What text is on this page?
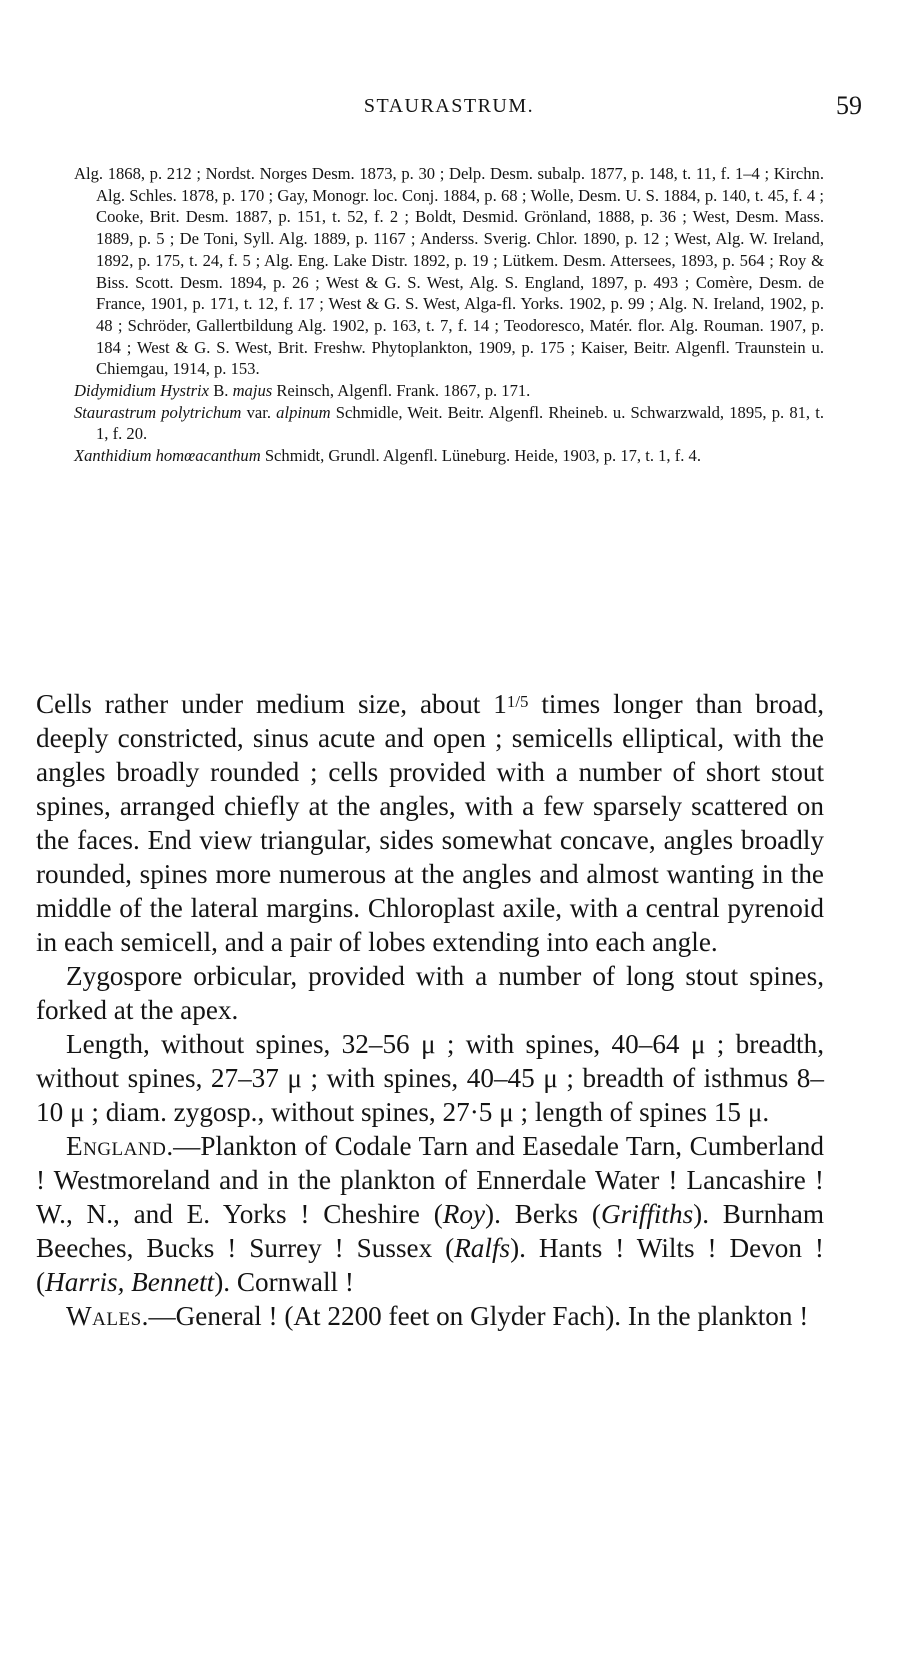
STAURASTRUM.	59

Alg. 1868, p. 212 ; Nordst. Norges Desm. 1873, p. 30 ; Delp. Desm. subalp. 1877, p. 148, t. 11, f. 1–4 ; Kirchn. Alg. Schles. 1878, p. 170 ; Gay, Monogr. loc. Conj. 1884, p. 68 ; Wolle, Desm. U. S. 1884, p. 140, t. 45, f. 4 ; Cooke, Brit. Desm. 1887, p. 151, t. 52, f. 2 ; Boldt, Desmid. Grönland, 1888, p. 36 ; West, Desm. Mass. 1889, p. 5 ; De Toni, Syll. Alg. 1889, p. 1167 ; Anderss. Sverig. Chlor. 1890, p. 12 ; West, Alg. W. Ireland, 1892, p. 175, t. 24, f. 5 ; Alg. Eng. Lake Distr. 1892, p. 19 ; Lütkem. Desm. Attersees, 1893, p. 564 ; Roy & Biss. Scott. Desm. 1894, p. 26 ; West & G. S. West, Alg. S. England, 1897, p. 493 ; Comère, Desm. de France, 1901, p. 171, t. 12, f. 17 ; West & G. S. West, Alga-fl. Yorks. 1902, p. 99 ; Alg. N. Ireland, 1902, p. 48 ; Schröder, Gallertbildung Alg. 1902, p. 163, t. 7, f. 14 ; Teodoresco, Matér. flor. Alg. Rouman. 1907, p. 184 ; West & G. S. West, Brit. Freshw. Phytoplankton, 1909, p. 175 ; Kaiser, Beitr. Algenfl. Traunstein u. Chiemgau, 1914, p. 153.

Didymidium Hystrix B. majus Reinsch, Algenfl. Frank. 1867, p. 171.

Staurastrum polytrichum var. alpinum Schmidle, Weit. Beitr. Algenfl. Rheineb. u. Schwarzwald, 1895, p. 81, t. 1, f. 20.

Xanthidium homœacanthum Schmidt, Grundl. Algenfl. Lüneburg. Heide, 1903, p. 17, t. 1, f. 4.

Cells rather under medium size, about $1^{1/5}$ times longer than broad, deeply constricted, sinus acute and open ; semicells elliptical, with the angles broadly rounded ; cells provided with a number of short stout spines, arranged chiefly at the angles, with a few sparsely scattered on the faces. End view triangular, sides somewhat concave, angles broadly rounded, spines more numerous at the angles and almost wanting in the middle of the lateral margins. Chloroplast axile, with a central pyrenoid in each semicell, and a pair of lobes extending into each angle.

Zygospore orbicular, provided with a number of long stout spines, forked at the apex.

Length, without spines, 32–56 μ ; with spines, 40–64 μ ; breadth, without spines, 27–37 μ ; with spines, 40–45 μ ; breadth of isthmus 8–10 μ ; diam. zygosp., without spines, 27·5 μ ; length of spines 15 μ.

England.—Plankton of Codale Tarn and Easedale Tarn, Cumberland ! Westmoreland and in the plankton of Ennerdale Water ! Lancashire ! W., N., and E. Yorks ! Cheshire (Roy). Berks (Griffiths). Burnham Beeches, Bucks ! Surrey ! Sussex (Ralfs). Hants ! Wilts ! Devon ! (Harris, Bennett). Cornwall !

Wales.—General ! (At 2200 feet on Glyder Fach). In the plankton !
